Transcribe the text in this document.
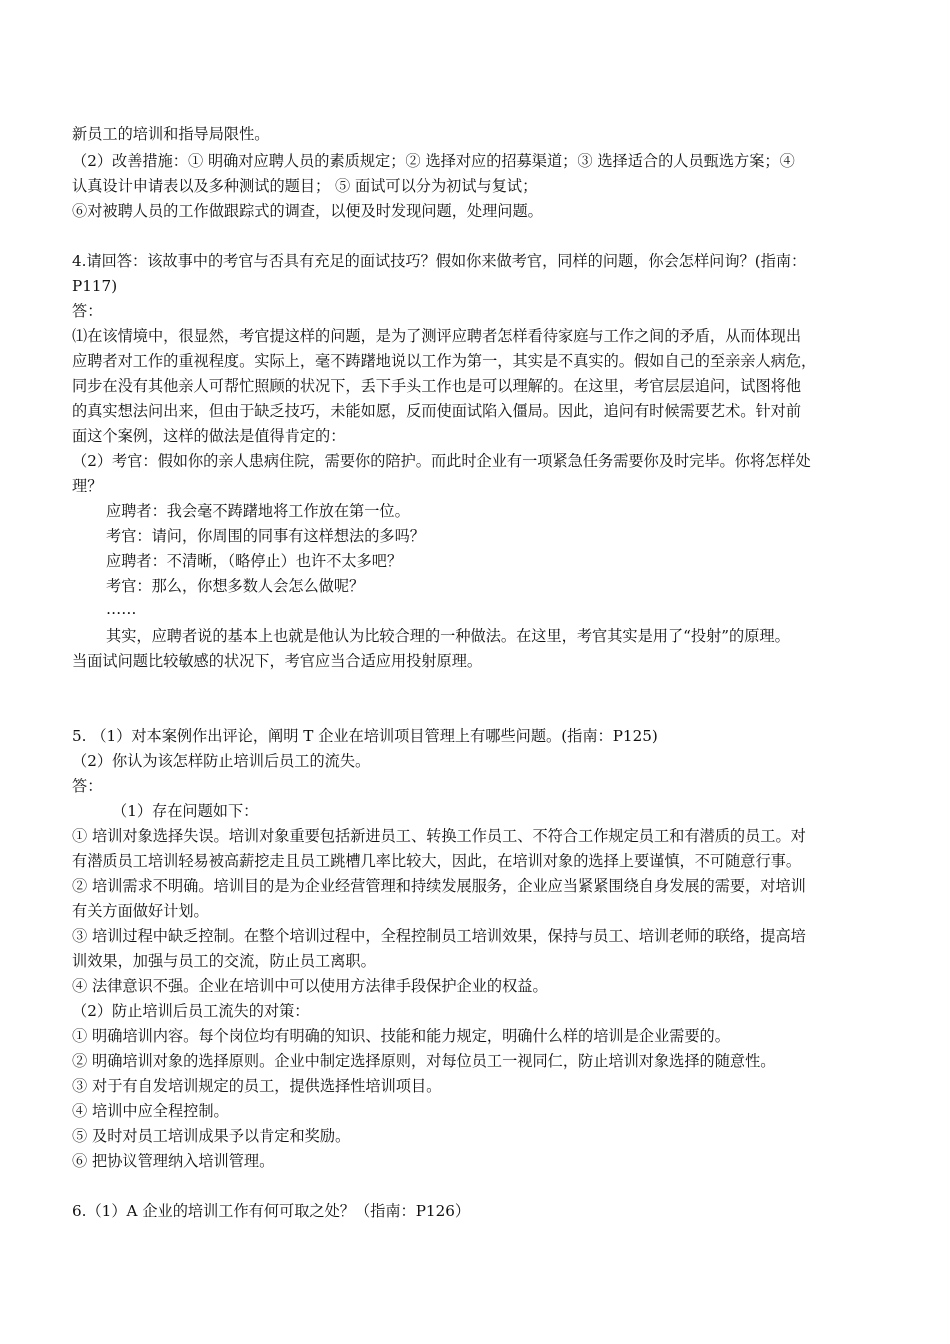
新员工的培训和指导局限性。
（2）改善措施：① 明确对应聘人员的素质规定；② 选择对应的招募渠道；③ 选择适合的人员甄选方案；④
认真设计申请表以及多种测试的题目； ⑤ 面试可以分为初试与复试；
⑥对被聘人员的工作做跟踪式的调查，以便及时发现问题，处理问题。
4.请回答：该故事中的考官与否具有充足的面试技巧？假如你来做考官，同样的问题，你会怎样问询？(指南：
P117)
答：
⑴在该情境中，很显然，考官提这样的问题，是为了测评应聘者怎样看待家庭与工作之间的矛盾，从而体现出
应聘者对工作的重视程度。实际上，毫不踌躇地说以工作为第一，其实是不真实的。假如自己的至亲亲人病危，
同步在没有其他亲人可帮忙照顾的状况下，丢下手头工作也是可以理解的。在这里，考官层层追问，试图将他
的真实想法问出来，但由于缺乏技巧，未能如愿，反而使面试陷入僵局。因此，追问有时候需要艺术。针对前
面这个案例，这样的做法是值得肯定的：
（2）考官：假如你的亲人患病住院，需要你的陪护。而此时企业有一项紧急任务需要你及时完毕。你将怎样处
理？
应聘者：我会毫不踌躇地将工作放在第一位。
考官：请问，你周围的同事有这样想法的多吗？
应聘者：不清晰，（略停止）也许不太多吧？
考官：那么，你想多数人会怎么做呢？
……
其实，应聘者说的基本上也就是他认为比较合理的一种做法。在这里，考官其实是用了“投射”的原理。
当面试问题比较敏感的状况下，考官应当合适应用投射原理。
5. （1）对本案例作出评论，阐明 T 企业在培训项目管理上有哪些问题。(指南：P125)
（2）你认为该怎样防止培训后员工的流失。
答：
（1）存在问题如下：
① 培训对象选择失误。培训对象重要包括新进员工、转换工作员工、不符合工作规定员工和有潜质的员工。对
有潜质员工培训轻易被高薪挖走且员工跳槽几率比较大，因此，在培训对象的选择上要谨慎，不可随意行事。
② 培训需求不明确。培训目的是为企业经营管理和持续发展服务，企业应当紧紧围绕自身发展的需要，对培训
有关方面做好计划。
③ 培训过程中缺乏控制。在整个培训过程中，全程控制员工培训效果，保持与员工、培训老师的联络，提高培
训效果，加强与员工的交流，防止员工离职。
④ 法律意识不强。企业在培训中可以使用方法律手段保护企业的权益。
（2）防止培训后员工流失的对策：
① 明确培训内容。每个岗位均有明确的知识、技能和能力规定，明确什么样的培训是企业需要的。
② 明确培训对象的选择原则。企业中制定选择原则，对每位员工一视同仁，防止培训对象选择的随意性。
③ 对于有自发培训规定的员工，提供选择性培训项目。
④ 培训中应全程控制。
⑤ 及时对员工培训成果予以肯定和奖励。
⑥ 把协议管理纳入培训管理。
6.（1）A 企业的培训工作有何可取之处？（指南：P126）
